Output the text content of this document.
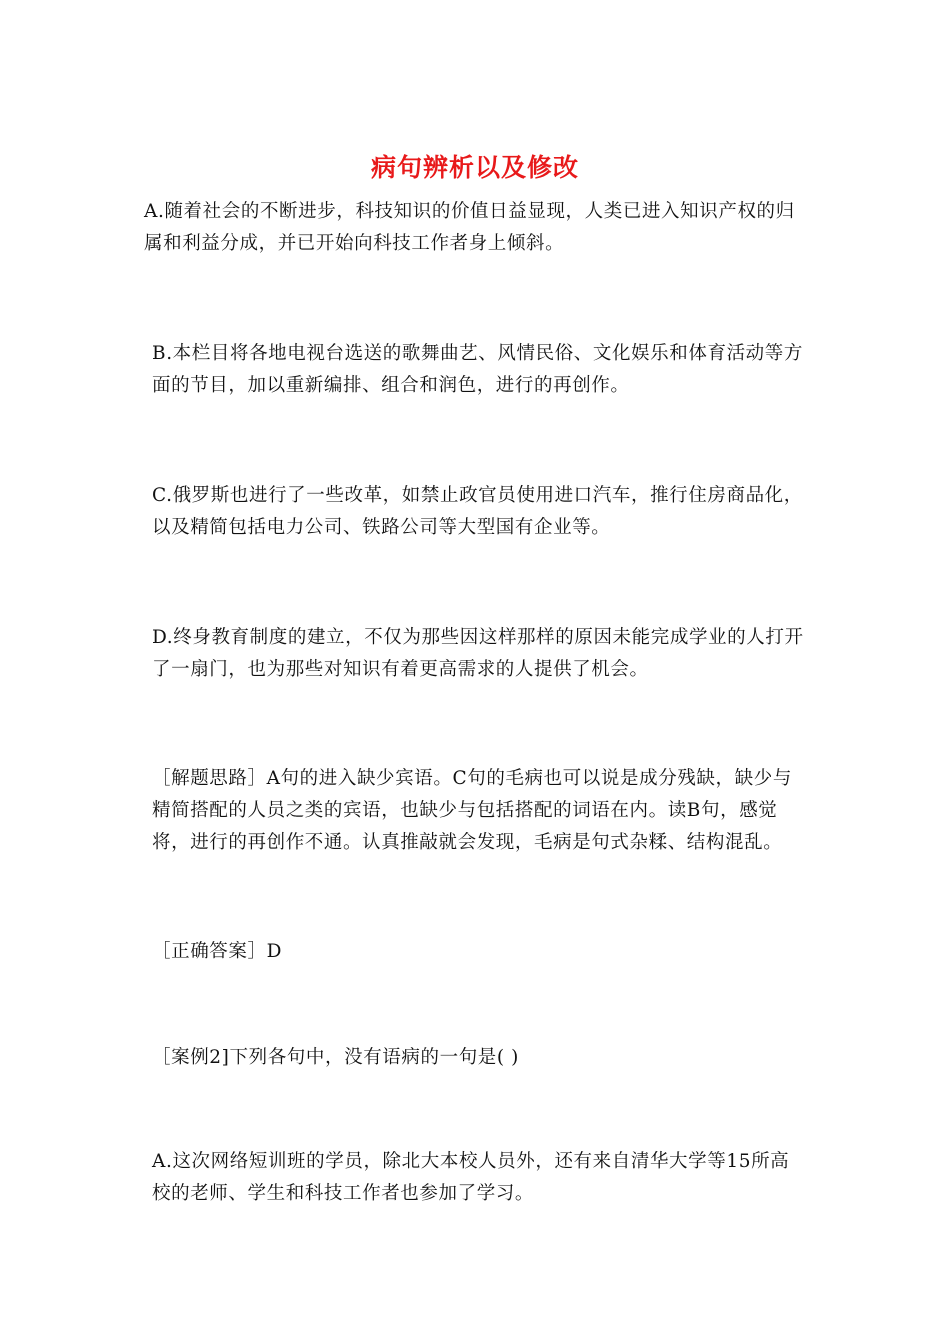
病句辨析以及修改

A.随着社会的不断进步，科技知识的价值日益显现，人类已进入知识产权的归属和利益分成，并已开始向科技工作者身上倾斜。

B.本栏目将各地电视台选送的歌舞曲艺、风情民俗、文化娱乐和体育活动等方面的节目，加以重新编排、组合和润色，进行的再创作。

C.俄罗斯也进行了一些改革，如禁止政官员使用进口汽车，推行住房商品化，以及精简包括电力公司、铁路公司等大型国有企业等。

D.终身教育制度的建立，不仅为那些因这样那样的原因未能完成学业的人打开了一扇门，也为那些对知识有着更高需求的人提供了机会。

［解题思路］A句的进入缺少宾语。C句的毛病也可以说是成分残缺，缺少与精简搭配的人员之类的宾语，也缺少与包括搭配的词语在内。读B句，感觉将，进行的再创作不通。认真推敲就会发现，毛病是句式杂糅、结构混乱。

［正确答案］D

［案例2]下列各句中，没有语病的一句是( )

A.这次网络短训班的学员，除北大本校人员外，还有来自清华大学等15所高校的老师、学生和科技工作者也参加了学习。
